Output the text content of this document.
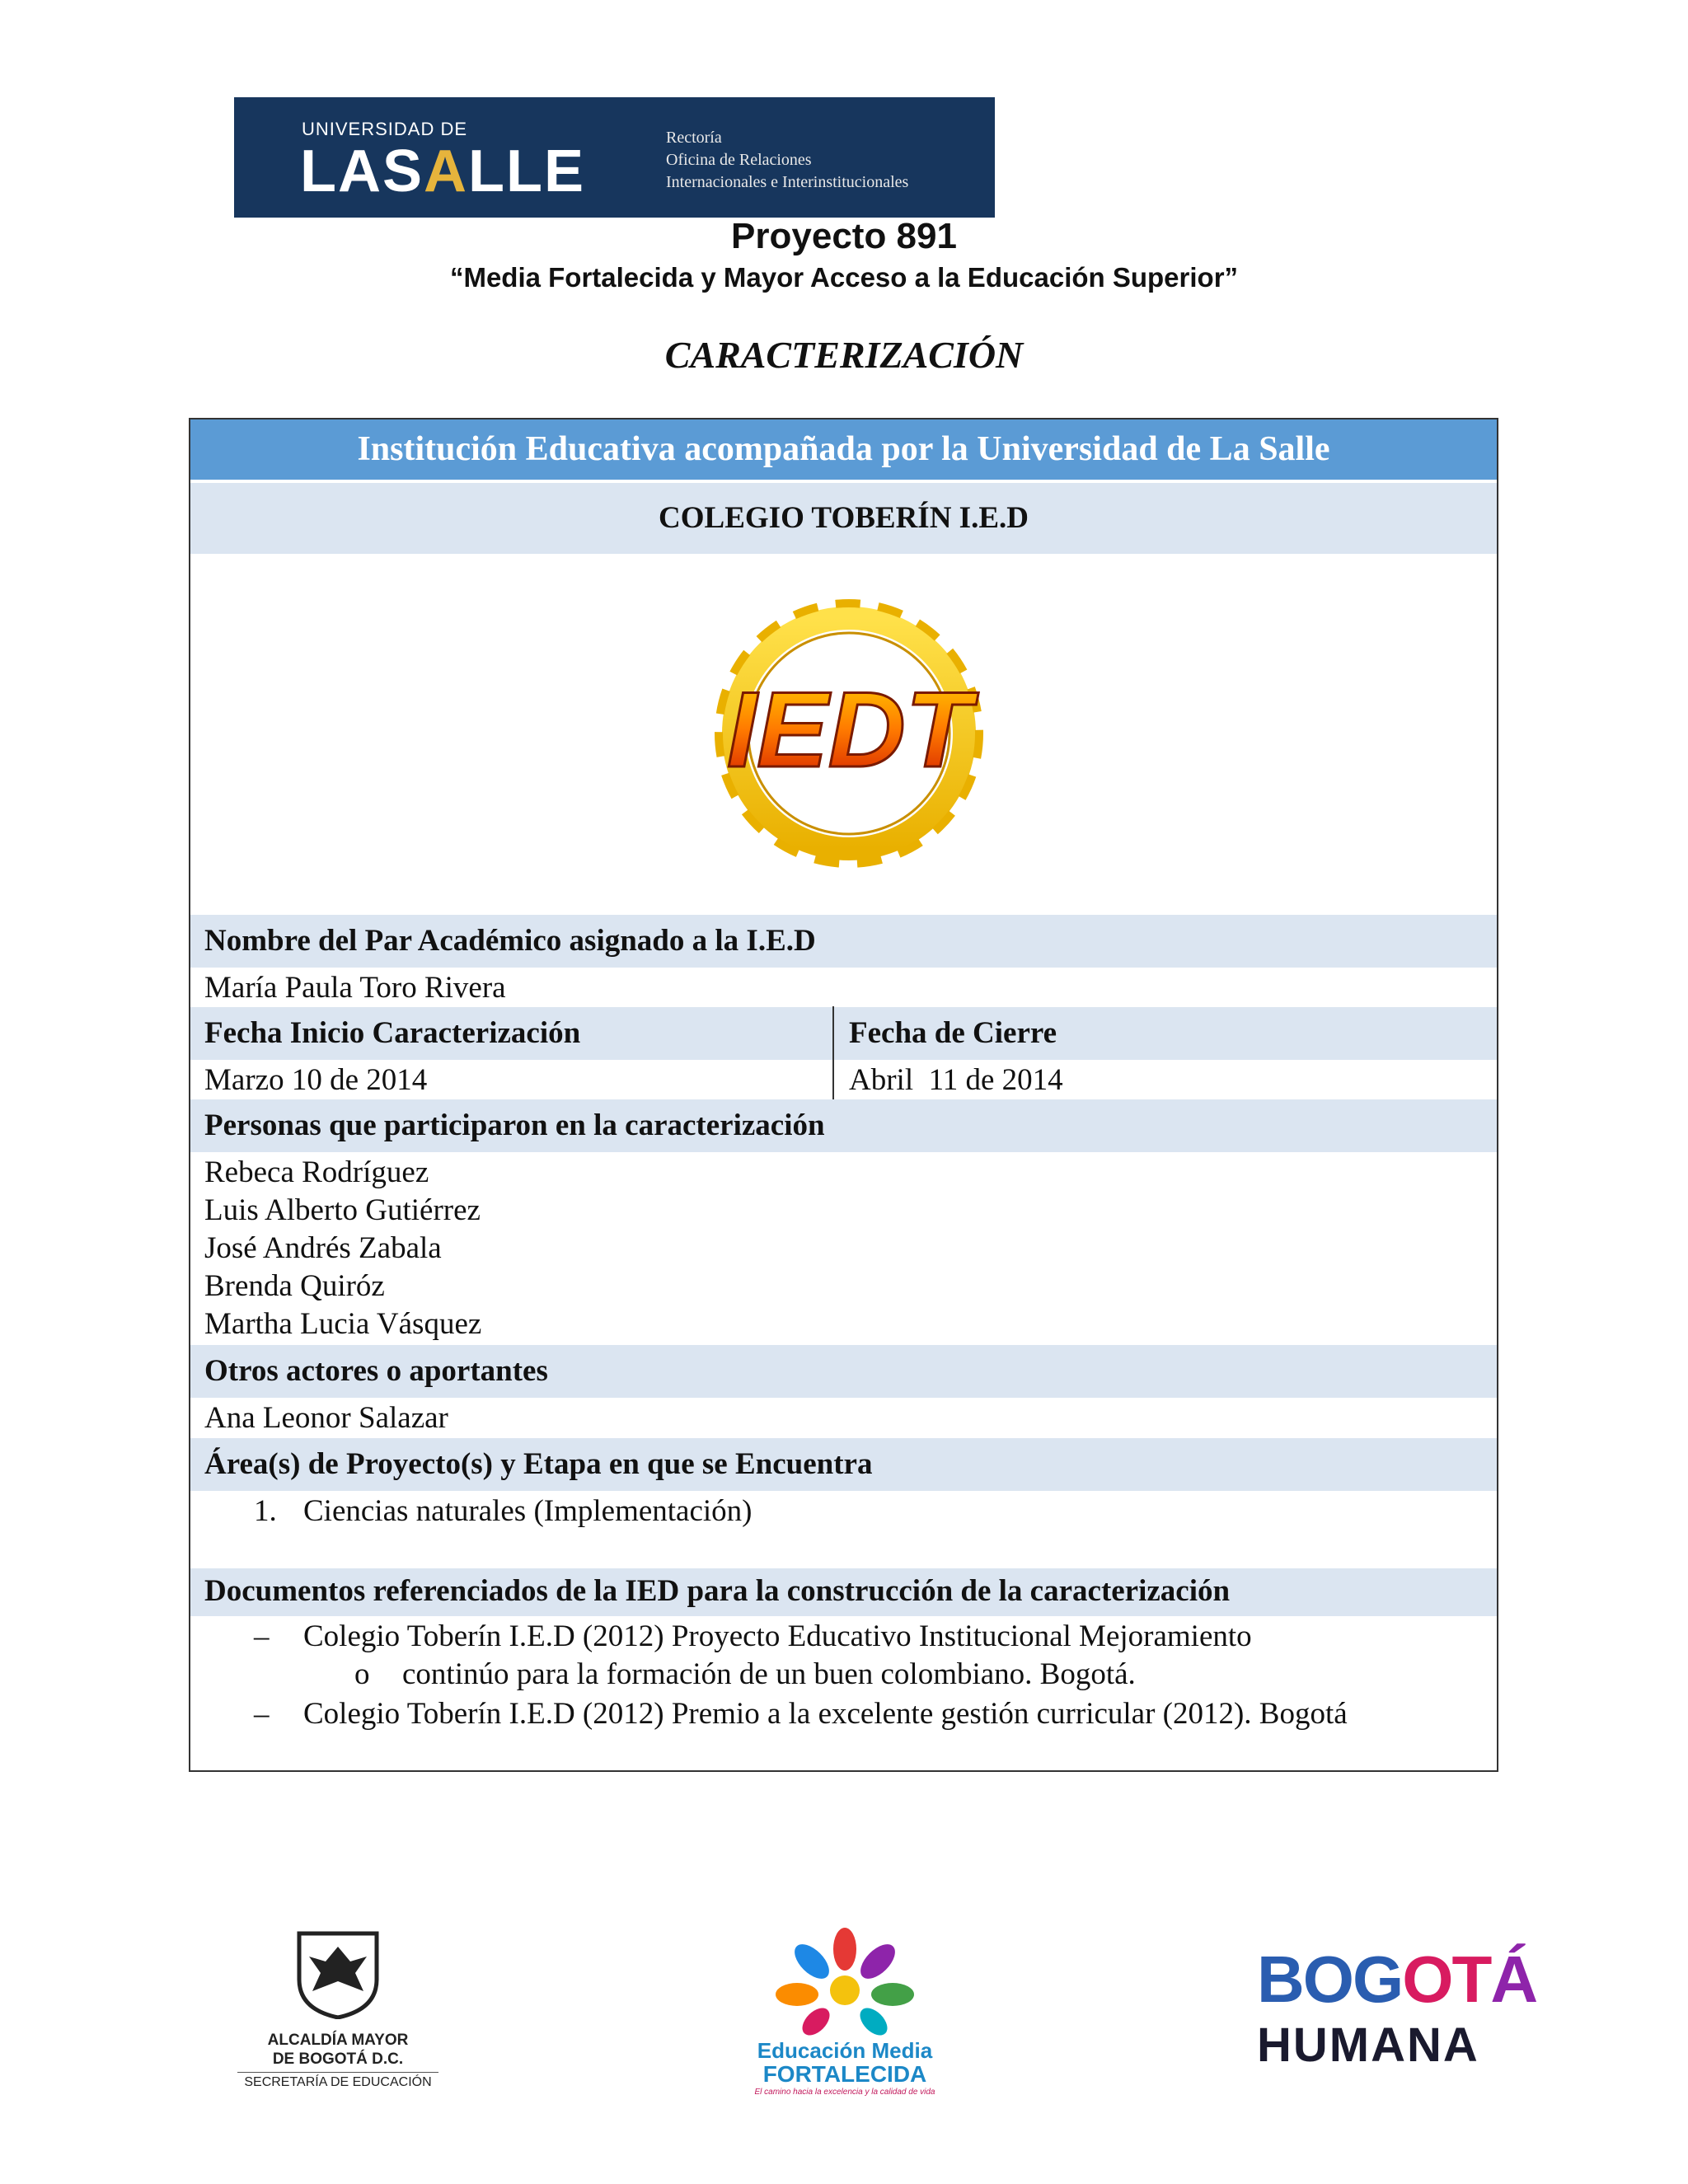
UNIVERSIDAD DE
LASALLE
Rectoría
Oficina de Relaciones
Internacionales e Interinstitucionales
Proyecto 891
“Media Fortalecida y Mayor Acceso a la Educación Superior”
CARACTERIZACIÓN
Institución Educativa acompañada por la Universidad de La Salle
COLEGIO TOBERÍN I.E.D
IEDT
Nombre del Par Académico asignado a la I.E.D
María Paula Toro Rivera
Fecha Inicio Caracterización	Fecha de Cierre
Marzo 10 de 2014	Abril  11 de 2014
Personas que participaron en la caracterización
Rebeca Rodríguez
Luis Alberto Gutiérrez
José Andrés Zabala
Brenda Quiróz
Martha Lucia Vásquez
Otros actores o aportantes
Ana Leonor Salazar
Área(s) de Proyecto(s) y Etapa en que se Encuentra
1. Ciencias naturales (Implementación)
Documentos referenciados de la IED para la construcción de la caracterización
– Colegio Toberín I.E.D (2012) Proyecto Educativo Institucional Mejoramiento
o continúo para la formación de un buen colombiano. Bogotá.
– Colegio Toberín I.E.D (2012) Premio a la excelente gestión curricular (2012). Bogotá
ALCALDÍA MAYOR
DE BOGOTÁ D.C.
SECRETARÍA DE EDUCACIÓN
Educación Media
FORTALECIDA
El camino hacia la excelencia y la calidad de vida
BOGOTÁ
HUMANA
